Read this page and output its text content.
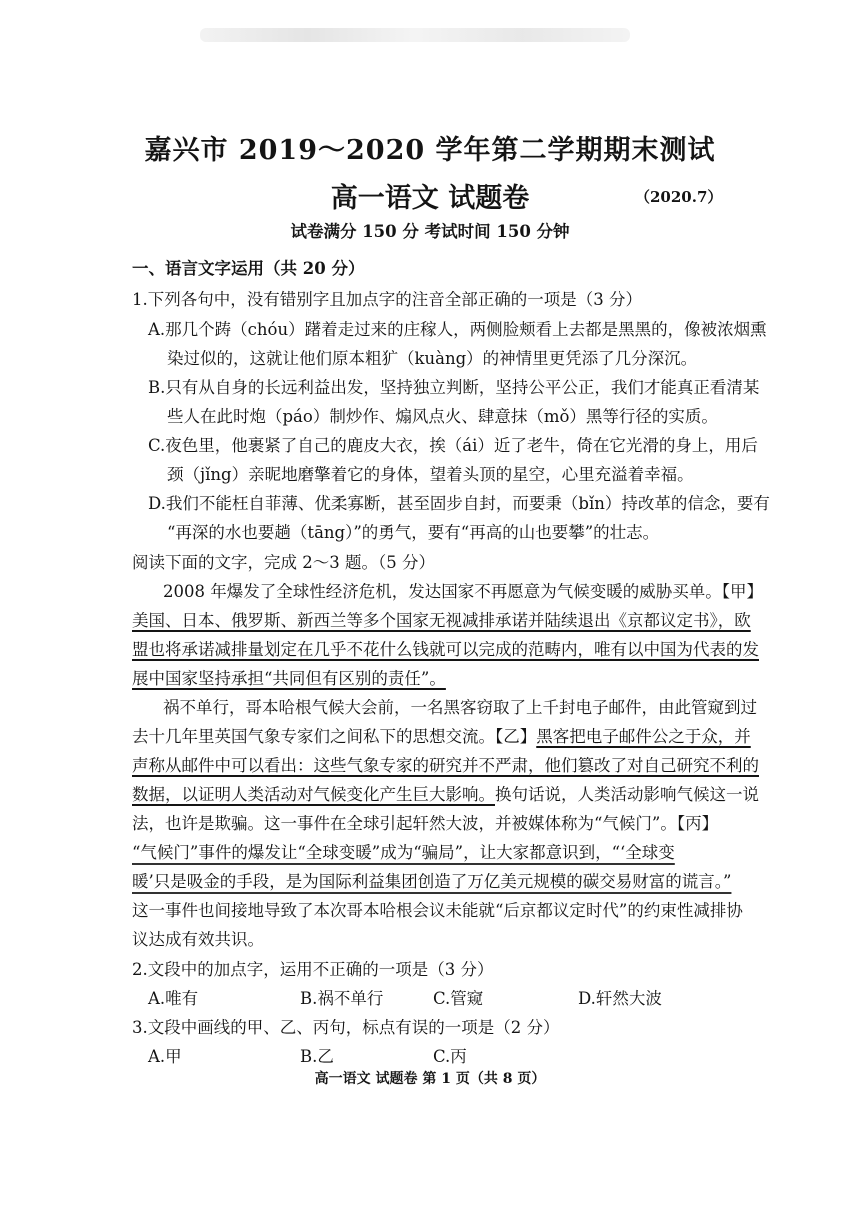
嘉兴市 2019～2020 学年第二学期期末测试
高一语文 试题卷	（2020.7）
试卷满分 150 分 考试时间 150 分钟
一、语言文字运用（共 20 分）
1.下列各句中，没有错别字且加点字的注音全部正确的一项是（3 分）
A.那几个踌（chóu）躇着走过来的庄稼人，两侧脸颊看上去都是黑黑的，像被浓烟熏
染过似的，这就让他们原本粗犷（kuàng）的神情里更凭添了几分深沉。
B.只有从自身的长远利益出发，坚持独立判断，坚持公平公正，我们才能真正看清某
些人在此时炮（páo）制炒作、煽风点火、肆意抹（mǒ）黑等行径的实质。
C.夜色里，他裹紧了自己的鹿皮大衣，挨（ái）近了老牛，倚在它光滑的身上，用后
颈（jǐng）亲昵地磨擎着它的身体，望着头顶的星空，心里充溢着幸福。
D.我们不能枉自菲薄、优柔寡断，甚至固步自封，而要秉（bǐn）持改革的信念，要有
“再深的水也要趟（tāng）”的勇气，要有“再高的山也要攀”的壮志。
阅读下面的文字，完成 2～3 题。（5 分）
2008 年爆发了全球性经济危机，发达国家不再愿意为气候变暖的威胁买单。【甲】
美国、日本、俄罗斯、新西兰等多个国家无视减排承诺并陆续退出《京都议定书》，欧
盟也将承诺减排量划定在几乎不花什么钱就可以完成的范畴内，唯有以中国为代表的发
展中国家坚持承担“共同但有区别的责任”。
祸不单行，哥本哈根气候大会前，一名黑客窃取了上千封电子邮件，由此管窥到过
去十几年里英国气象专家们之间私下的思想交流。【乙】黑客把电子邮件公之于众，并
声称从邮件中可以看出：这些气象专家的研究并不严肃，他们篡改了对自己研究不利的
数据，以证明人类活动对气候变化产生巨大影响。换句话说，人类活动影响气候这一说
法，也许是欺骗。这一事件在全球引起轩然大波，并被媒体称为“气候门”。【丙】
“气候门”事件的爆发让“全球变暖”成为“骗局”，让大家都意识到，“‘全球变
暖’只是吸金的手段，是为国际利益集团创造了万亿美元规模的碳交易财富的谎言。”
这一事件也间接地导致了本次哥本哈根会议未能就“后京都议定时代”的约束性减排协
议达成有效共识。
2.文段中的加点字，运用不正确的一项是（3 分）
A.唯有	B.祸不单行	C.管窥	D.轩然大波
3.文段中画线的甲、乙、丙句，标点有误的一项是（2 分）
A.甲	B.乙	C.丙
高一语文 试题卷 第 1 页（共 8 页）
